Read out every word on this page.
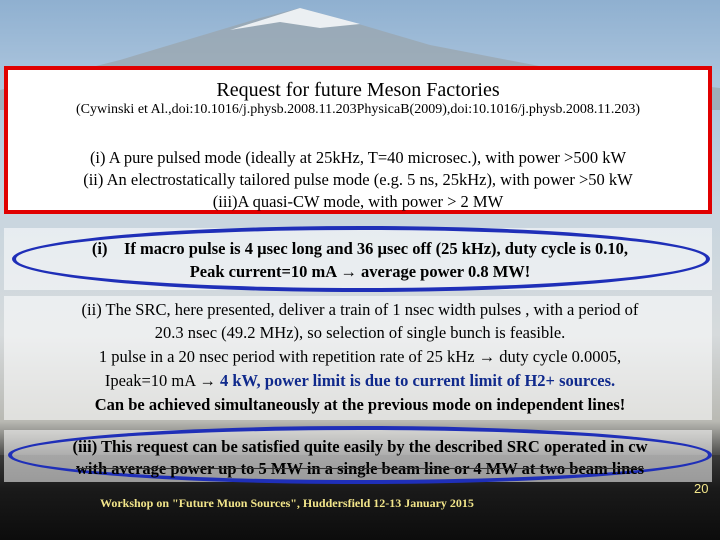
Request for future Meson Factories
(Cywinski et Al.,doi:10.1016/j.physb.2008.11.203PhysicaB(2009),doi:10.1016/j.physb.2008.11.203)
(i) A pure pulsed mode (ideally at 25kHz, T=40 microsec.), with power >500 kW
(ii) An electrostatically tailored pulse mode (e.g. 5 ns, 25kHz), with power >50 kW
(iii)A quasi-CW mode, with power > 2 MW
(i) If macro pulse is 4 µsec long and 36 µsec off (25 kHz), duty cycle is 0.10,
Peak current=10 mA → average power 0.8 MW!
(ii) The SRC, here presented, deliver a train of 1 nsec width pulses , with a period of
20.3 nsec (49.2 MHz), so selection of single bunch is feasible.
1 pulse in a 20 nsec period with repetition rate of 25 kHz → duty cycle 0.0005,
Ipeak=10 mA → 4 kW, power limit is due to current limit of H2+ sources.
Can be achieved simultaneously at the previous mode on independent lines!
(iii) This request can be satisfied quite easily by the described SRC operated in cw
with average power up to 5 MW in a single beam line or 4 MW at two beam lines
Workshop on "Future Muon Sources", Huddersfield 12-13 January 2015
20
